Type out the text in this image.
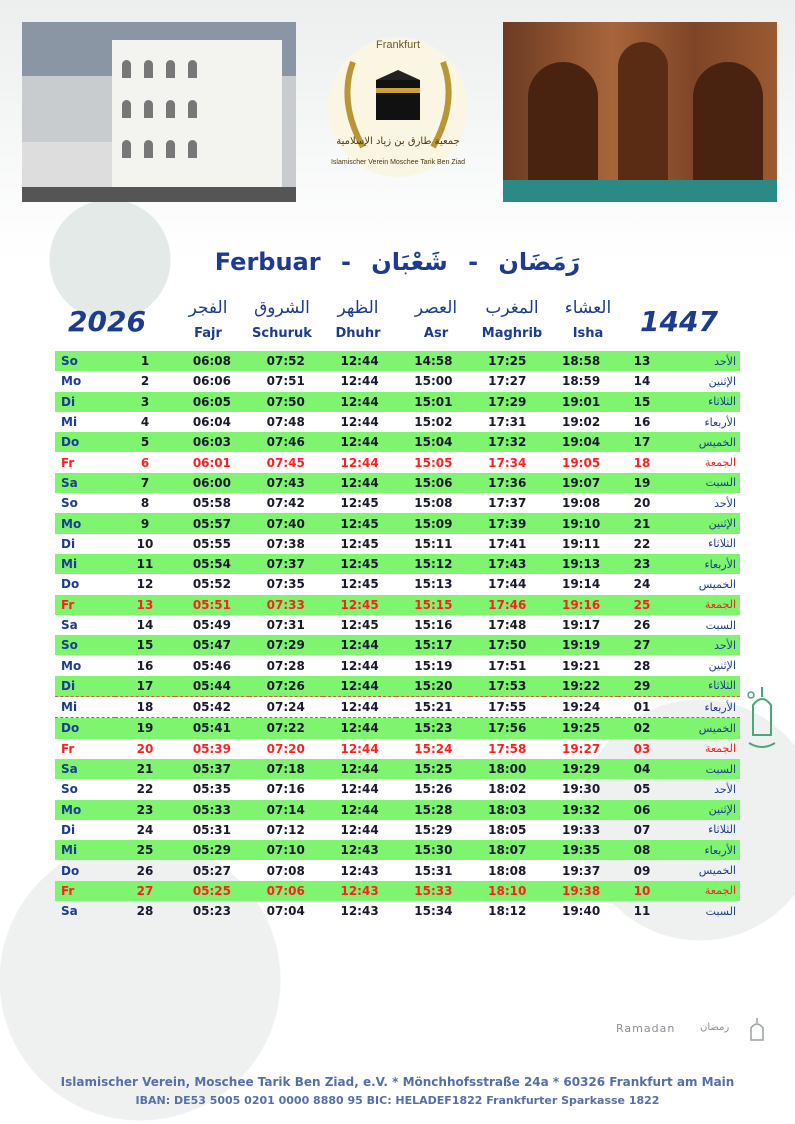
Frankfurt
جمعية طارق بن زياد الإسلامية
Islamischer Verein Moschee Tarik Ben Ziad
Ferbuar -	رَمَضَان - شَعْبَان
2026	1447
الفجر
Fajr
الشروق
Schuruk
الظهر
Dhuhr
العصر
Asr
المغرب
Maghrib
العشاء
Isha
So	1	06:08	07:52	12:44	14:58	17:25	18:58	13	الأحد
Mo	2	06:06	07:51	12:44	15:00	17:27	18:59	14	الإثنين
Di	3	06:05	07:50	12:44	15:01	17:29	19:01	15	الثلاثاء
Mi	4	06:04	07:48	12:44	15:02	17:31	19:02	16	الأربعاء
Do	5	06:03	07:46	12:44	15:04	17:32	19:04	17	الخميس
Fr	6	06:01	07:45	12:44	15:05	17:34	19:05	18	الجمعة
Sa	7	06:00	07:43	12:44	15:06	17:36	19:07	19	السبت
So	8	05:58	07:42	12:45	15:08	17:37	19:08	20	الأحد
Mo	9	05:57	07:40	12:45	15:09	17:39	19:10	21	الإثنين
Di	10	05:55	07:38	12:45	15:11	17:41	19:11	22	الثلاثاء
Mi	11	05:54	07:37	12:45	15:12	17:43	19:13	23	الأربعاء
Do	12	05:52	07:35	12:45	15:13	17:44	19:14	24	الخميس
Fr	13	05:51	07:33	12:45	15:15	17:46	19:16	25	الجمعة
Sa	14	05:49	07:31	12:45	15:16	17:48	19:17	26	السبت
So	15	05:47	07:29	12:44	15:17	17:50	19:19	27	الأحد
Mo	16	05:46	07:28	12:44	15:19	17:51	19:21	28	الإثنين
Di	17	05:44	07:26	12:44	15:20	17:53	19:22	29	الثلاثاء
Mi	18	05:42	07:24	12:44	15:21	17:55	19:24	01	الأربعاء
Do	19	05:41	07:22	12:44	15:23	17:56	19:25	02	الخميس
Fr	20	05:39	07:20	12:44	15:24	17:58	19:27	03	الجمعة
Sa	21	05:37	07:18	12:44	15:25	18:00	19:29	04	السبت
So	22	05:35	07:16	12:44	15:26	18:02	19:30	05	الأحد
Mo	23	05:33	07:14	12:44	15:28	18:03	19:32	06	الإثنين
Di	24	05:31	07:12	12:44	15:29	18:05	19:33	07	الثلاثاء
Mi	25	05:29	07:10	12:43	15:30	18:07	19:35	08	الأربعاء
Do	26	05:27	07:08	12:43	15:31	18:08	19:37	09	الخميس
Fr	27	05:25	07:06	12:43	15:33	18:10	19:38	10	الجمعة
Sa	28	05:23	07:04	12:43	15:34	18:12	19:40	11	السبت
Ramadan رمضان
Islamischer Verein, Moschee Tarik Ben Ziad, e.V. * Mönchhofsstraße 24a * 60326 Frankfurt am Main
IBAN: DE53 5005 0201 0000 8880 95 BIC: HELADEF1822 Frankfurter Sparkasse 1822
